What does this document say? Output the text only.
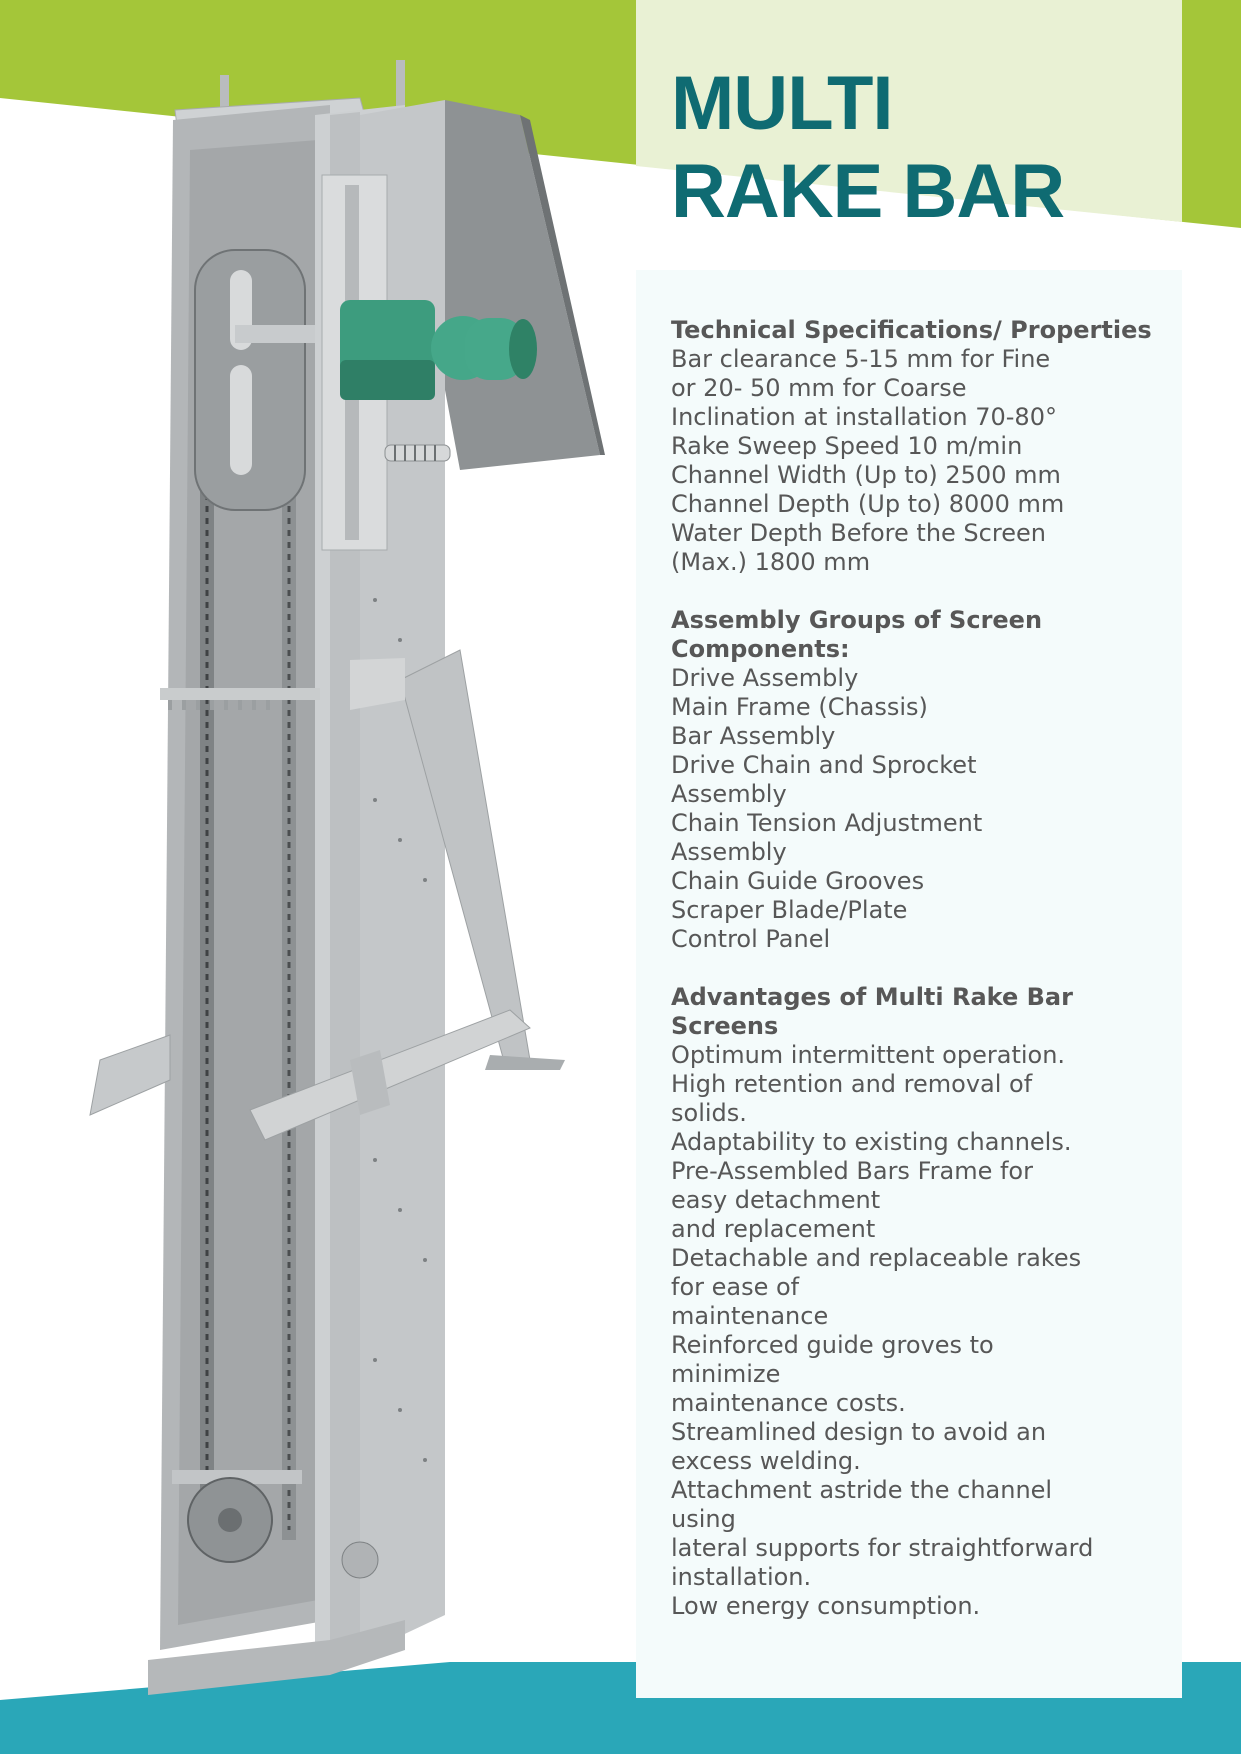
MULTI
RAKE BAR

Technical Specifications/ Properties

Bar clearance 5-15 mm for Fine
or 20- 50 mm for Coarse
Inclination at installation 70-80°
Rake Sweep Speed 10 m/min
Channel Width (Up to) 2500 mm
Channel Depth (Up to) 8000 mm
Water Depth Before the Screen
(Max.) 1800 mm

Assembly Groups of Screen Components:

Drive Assembly
Main Frame (Chassis)
Bar Assembly
Drive Chain and Sprocket
Assembly
Chain Tension Adjustment
Assembly
Chain Guide Grooves
Scraper Blade/Plate
Control Panel

Advantages of Multi Rake Bar Screens

Optimum intermittent operation.
High retention and removal of
solids.
Adaptability to existing channels.
Pre-Assembled Bars Frame for
easy detachment
and replacement
Detachable and replaceable rakes
for ease of
maintenance
Reinforced guide groves to
minimize
maintenance costs.
Streamlined design to avoid an
excess welding.
Attachment astride the channel
using
lateral supports for straightforward
installation.
Low energy consumption.
